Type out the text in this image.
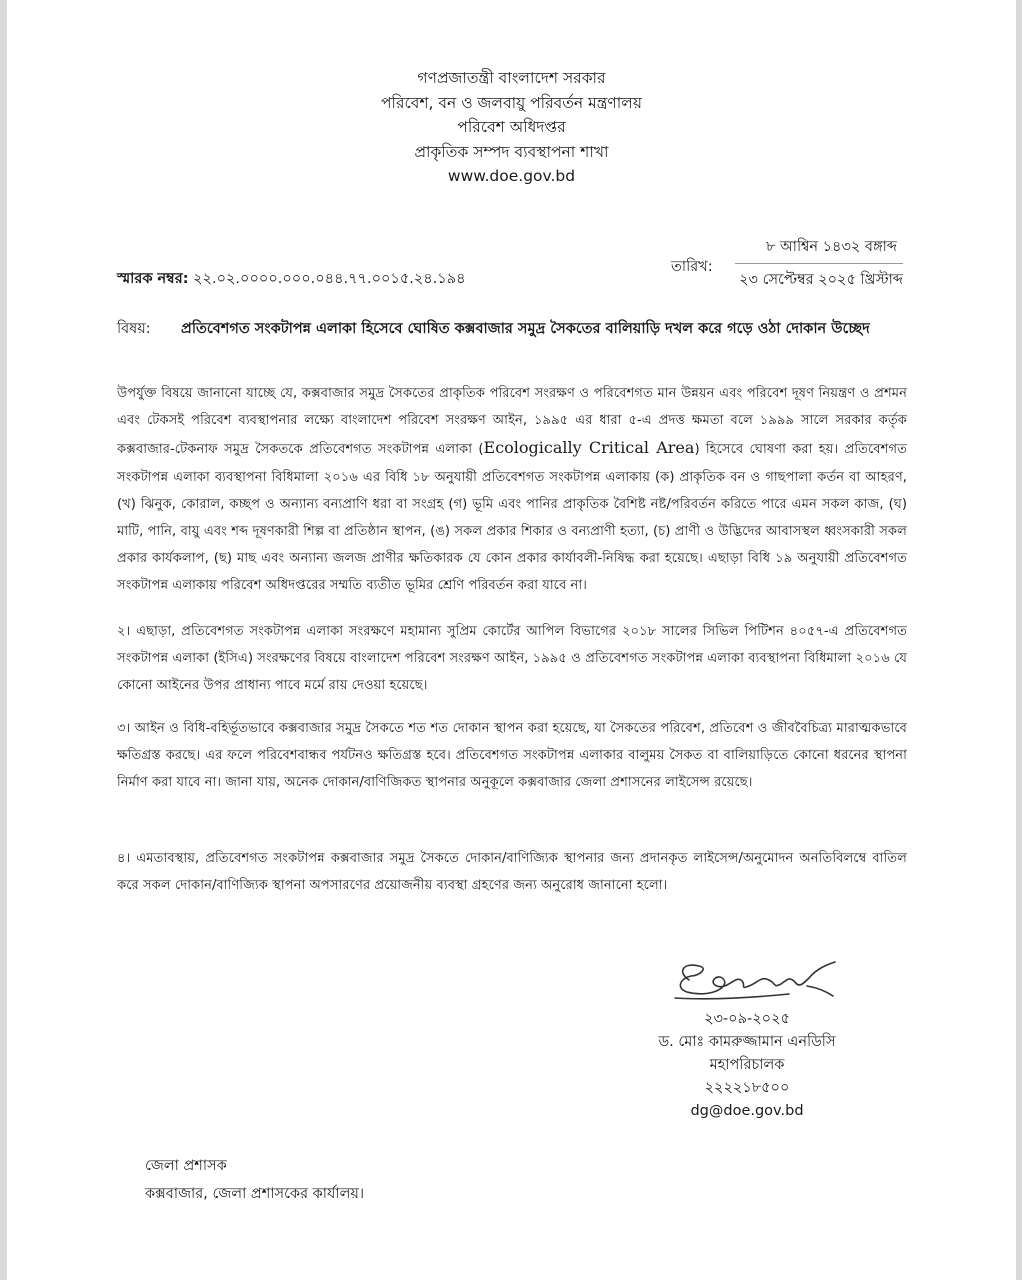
গণপ্রজাতন্ত্রী বাংলাদেশ সরকার
পরিবেশ, বন ও জলবায়ু পরিবর্তন মন্ত্রণালয়
পরিবেশ অধিদপ্তর
প্রাকৃতিক সম্পদ ব্যবস্থাপনা শাখা
www.doe.gov.bd
স্মারক নম্বর: ২২.০২.০০০০.০০০.০৪৪.৭৭.০০১৫.২৪.১৯৪
তারিখ:
৮ আশ্বিন ১৪৩২ বঙ্গাব্দ
২৩ সেপ্টেম্বর ২০২৫ খ্রিস্টাব্দ
বিষয়: প্রতিবেশগত সংকটাপন্ন এলাকা হিসেবে ঘোষিত কক্সবাজার সমুদ্র সৈকতের বালিয়াড়ি দখল করে গড়ে ওঠা দোকান উচ্ছেদ
উপর্যুক্ত বিষয়ে জানানো যাচ্ছে যে, কক্সবাজার সমুদ্র সৈকতের প্রাকৃতিক পরিবেশ সংরক্ষণ ও পরিবেশগত মান উন্নয়ন এবং পরিবেশ দূষণ নিয়ন্ত্রণ ও প্রশমন এবং টেকসই পরিবেশ ব্যবস্থাপনার লক্ষ্যে বাংলাদেশ পরিবেশ সংরক্ষণ আইন, ১৯৯৫ এর ধারা ৫-এ প্রদত্ত ক্ষমতা বলে ১৯৯৯ সালে সরকার কর্তৃক কক্সবাজার-টেকনাফ সমুদ্র সৈকতকে প্রতিবেশগত সংকটাপন্ন এলাকা (Ecologically Critical Area) হিসেবে ঘোষণা করা হয়। প্রতিবেশগত সংকটাপন্ন এলাকা ব্যবস্থাপনা বিধিমালা ২০১৬ এর বিধি ১৮ অনুযায়ী প্রতিবেশগত সংকটাপন্ন এলাকায় (ক) প্রাকৃতিক বন ও গাছপালা কর্তন বা আহরণ, (খ) ঝিনুক, কোরাল, কচ্ছপ ও অন্যান্য বন্যপ্রাণি ধরা বা সংগ্রহ (গ) ভূমি এবং পানির প্রাকৃতিক বৈশিষ্ট নষ্ট/পরিবর্তন করিতে পারে এমন সকল কাজ, (ঘ) মাটি, পানি, বায়ু এবং শব্দ দূষণকারী শিল্প বা প্রতিষ্ঠান স্থাপন, (ঙ) সকল প্রকার শিকার ও বন্যপ্রাণী হত্যা, (চ) প্রাণী ও উদ্ভিদের আবাসস্থল ধ্বংসকারী সকল প্রকার কার্যকলাপ, (ছ) মাছ এবং অন্যান্য জলজ প্রাণীর ক্ষতিকারক যে কোন প্রকার কার্যাবলী-নিষিদ্ধ করা হয়েছে। এছাড়া বিধি ১৯ অনুযায়ী প্রতিবেশগত সংকটাপন্ন এলাকায় পরিবেশ অধিদপ্তরের সম্মতি ব্যতীত ভূমির শ্রেণি পরিবর্তন করা যাবে না।
২। এছাড়া, প্রতিবেশগত সংকটাপন্ন এলাকা সংরক্ষণে মহামান্য সুপ্রিম কোর্টের আপিল বিভাগের ২০১৮ সালের সিভিল পিটিশন ৪০৫৭-এ প্রতিবেশগত সংকটাপন্ন এলাকা (ইসিএ) সংরক্ষণের বিষয়ে বাংলাদেশ পরিবেশ সংরক্ষণ আইন, ১৯৯৫ ও প্রতিবেশগত সংকটাপন্ন এলাকা ব্যবস্থাপনা বিধিমালা ২০১৬ যে কোনো আইনের উপর প্রাধান্য পাবে মর্মে রায় দেওয়া হয়েছে।
৩। আইন ও বিধি-বহির্ভূতভাবে কক্সবাজার সমুদ্র সৈকতে শত শত দোকান স্থাপন করা হয়েছে, যা সৈকতের পরিবেশ, প্রতিবেশ ও জীববৈচিত্র্য মারাত্মকভাবে ক্ষতিগ্রস্ত করছে। এর ফলে পরিবেশবান্ধব পর্যটনও ক্ষতিগ্রস্ত হবে। প্রতিবেশগত সংকটাপন্ন এলাকার বালুময় সৈকত বা বালিয়াড়িতে কোনো ধরনের স্থাপনা নির্মাণ করা যাবে না। জানা যায়, অনেক দোকান/বাণিজিকত স্থাপনার অনুকূলে কক্সবাজার জেলা প্রশাসনের লাইসেন্স রয়েছে।
৪। এমতাবস্থায়, প্রতিবেশগত সংকটাপন্ন কক্সবাজার সমুদ্র সৈকতে দোকান/বাণিজ্যিক স্থাপনার জন্য প্রদানকৃত লাইসেন্স/অনুমোদন অনতিবিলম্বে বাতিল করে সকল দোকান/বাণিজ্যিক স্থাপনা অপসারণের প্রয়োজনীয় ব্যবস্থা গ্রহণের জন্য অনুরোধ জানানো হলো।
২৩-০৯-২০২৫
ড. মোঃ কামরুজ্জামান এনডিসি
মহাপরিচালক
২২২২১৮৫০০
dg@doe.gov.bd
জেলা প্রশাসক
কক্সবাজার, জেলা প্রশাসকের কার্যালয়।
